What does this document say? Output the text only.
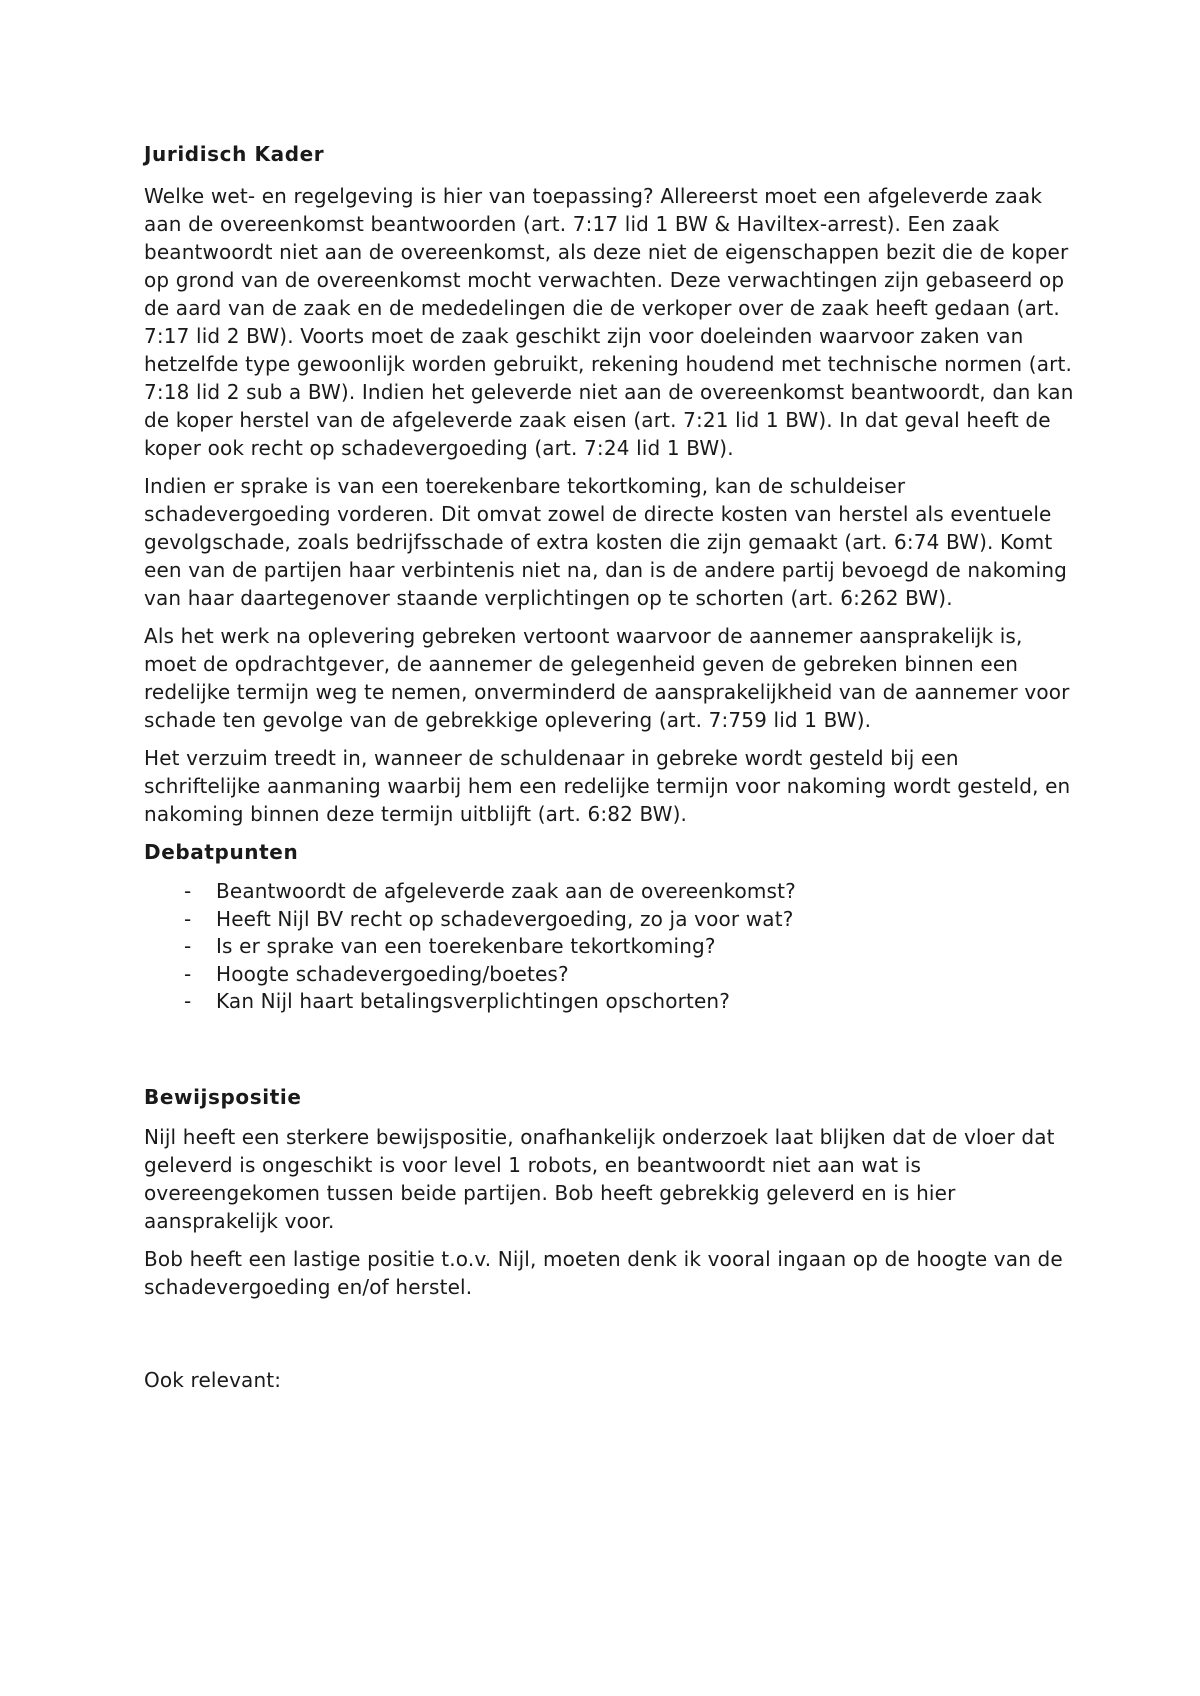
Juridisch Kader

Welke wet- en regelgeving is hier van toepassing? Allereerst moet een afgeleverde zaak aan de overeenkomst beantwoorden (art. 7:17 lid 1 BW & Haviltex-arrest). Een zaak beantwoordt niet aan de overeenkomst, als deze niet de eigenschappen bezit die de koper op grond van de overeenkomst mocht verwachten. Deze verwachtingen zijn gebaseerd op de aard van de zaak en de mededelingen die de verkoper over de zaak heeft gedaan (art. 7:17 lid 2 BW). Voorts moet de zaak geschikt zijn voor doeleinden waarvoor zaken van hetzelfde type gewoonlijk worden gebruikt, rekening houdend met technische normen (art. 7:18 lid 2 sub a BW). Indien het geleverde niet aan de overeenkomst beantwoordt, dan kan de koper herstel van de afgeleverde zaak eisen (art. 7:21 lid 1 BW). In dat geval heeft de koper ook recht op schadevergoeding (art. 7:24 lid 1 BW).

Indien er sprake is van een toerekenbare tekortkoming, kan de schuldeiser schadevergoeding vorderen. Dit omvat zowel de directe kosten van herstel als eventuele gevolgschade, zoals bedrijfsschade of extra kosten die zijn gemaakt (art. 6:74 BW). Komt een van de partijen haar verbintenis niet na, dan is de andere partij bevoegd de nakoming van haar daartegenover staande verplichtingen op te schorten (art. 6:262 BW).

Als het werk na oplevering gebreken vertoont waarvoor de aannemer aansprakelijk is, moet de opdrachtgever, de aannemer de gelegenheid geven de gebreken binnen een redelijke termijn weg te nemen, onverminderd de aansprakelijkheid van de aannemer voor schade ten gevolge van de gebrekkige oplevering (art. 7:759 lid 1 BW).

Het verzuim treedt in, wanneer de schuldenaar in gebreke wordt gesteld bij een schriftelijke aanmaning waarbij hem een redelijke termijn voor nakoming wordt gesteld, en nakoming binnen deze termijn uitblijft (art. 6:82 BW).

Debatpunten
- Beantwoordt de afgeleverde zaak aan de overeenkomst?
- Heeft Nijl BV recht op schadevergoeding, zo ja voor wat?
- Is er sprake van een toerekenbare tekortkoming?
- Hoogte schadevergoeding/boetes?
- Kan Nijl haart betalingsverplichtingen opschorten?
Bewijspositie

Nijl heeft een sterkere bewijspositie, onafhankelijk onderzoek laat blijken dat de vloer dat geleverd is ongeschikt is voor level 1 robots, en beantwoordt niet aan wat is overeengekomen tussen beide partijen. Bob heeft gebrekkig geleverd en is hier aansprakelijk voor.

Bob heeft een lastige positie t.o.v. Nijl, moeten denk ik vooral ingaan op de hoogte van de schadevergoeding en/of herstel.

Ook relevant:
